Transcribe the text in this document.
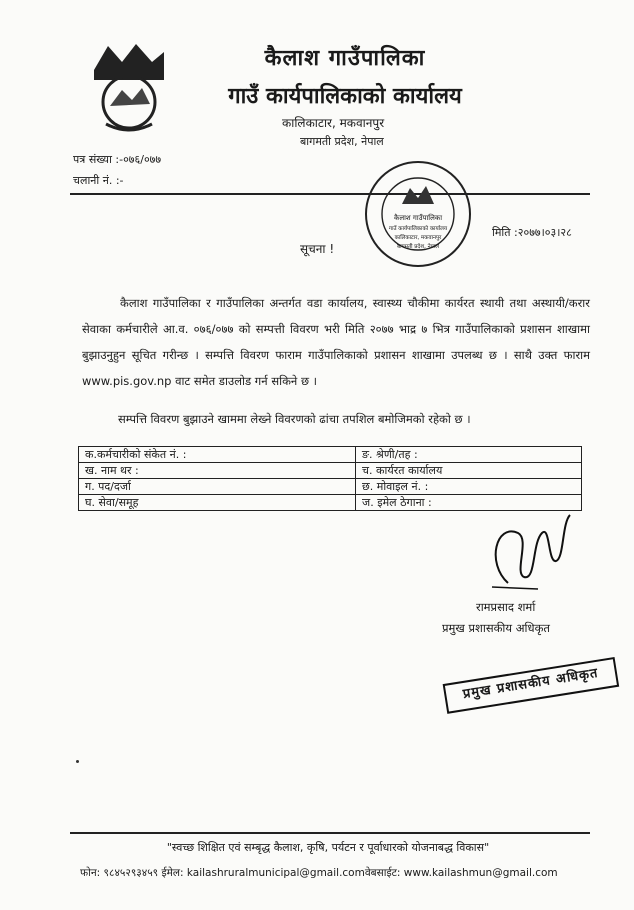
कैलाश गाउँपालिका
गाउँ कार्यपालिकाको कार्यालय
कालिकाटार, मकवानपुर
बागमती प्रदेश, नेपाल
पत्र संख्या :-०७६/०७७
चलानी नं. :-
कैलाश गाउँपालिका
गाउँ कार्यपालिकाको कार्यालय
कालिकाटार, मकवानपुर
बागमती प्रदेश, नेपाल
मिति :२०७७।०३।२८
सूचना !
कैलाश गाउँपालिका र गाउँपालिका अन्तर्गत वडा कार्यालय, स्वास्थ्य चौकीमा कार्यरत स्थायी तथा अस्थायी/करार सेवाका कर्मचारीले आ.व. ०७६/०७७ को सम्पत्ती विवरण भरी मिति २०७७ भाद्र ७ भित्र गाउँपालिकाको प्रशासन शाखामा बुझाउनुहुन सूचित गरीन्छ । सम्पत्ति विवरण फाराम गाउँपालिकाको प्रशासन शाखामा उपलब्ध छ । साथै उक्त फाराम www.pis.gov.np वाट समेत डाउलोड गर्न सकिने छ ।
सम्पत्ति विवरण बुझाउने खाममा लेख्ने विवरणको ढांचा तपशिल बमोजिमको रहेको छ ।
क.कर्मचारीको संकेत नं. :	ङ. श्रेणी/तह :
ख. नाम थर :	च. कार्यरत कार्यालय
ग. पद/दर्जा	छ. मोवाइल नं. :
घ. सेवा/समूह	ज. इमेल ठेगाना :
रामप्रसाद शर्मा
प्रमुख प्रशासकीय अधिकृत
प्रमुख प्रशासकीय अधिकृत
"स्वच्छ शिक्षित एवं सम्बृद्ध कैलाश, कृषि, पर्यटन र पूर्वाधारको योजनाबद्ध विकास"
फोन: ९८४५२९३४५९ ईमेल: kailashruralmunicipal@gmail.comवेबसाईट: www.kailashmun@gmail.com
